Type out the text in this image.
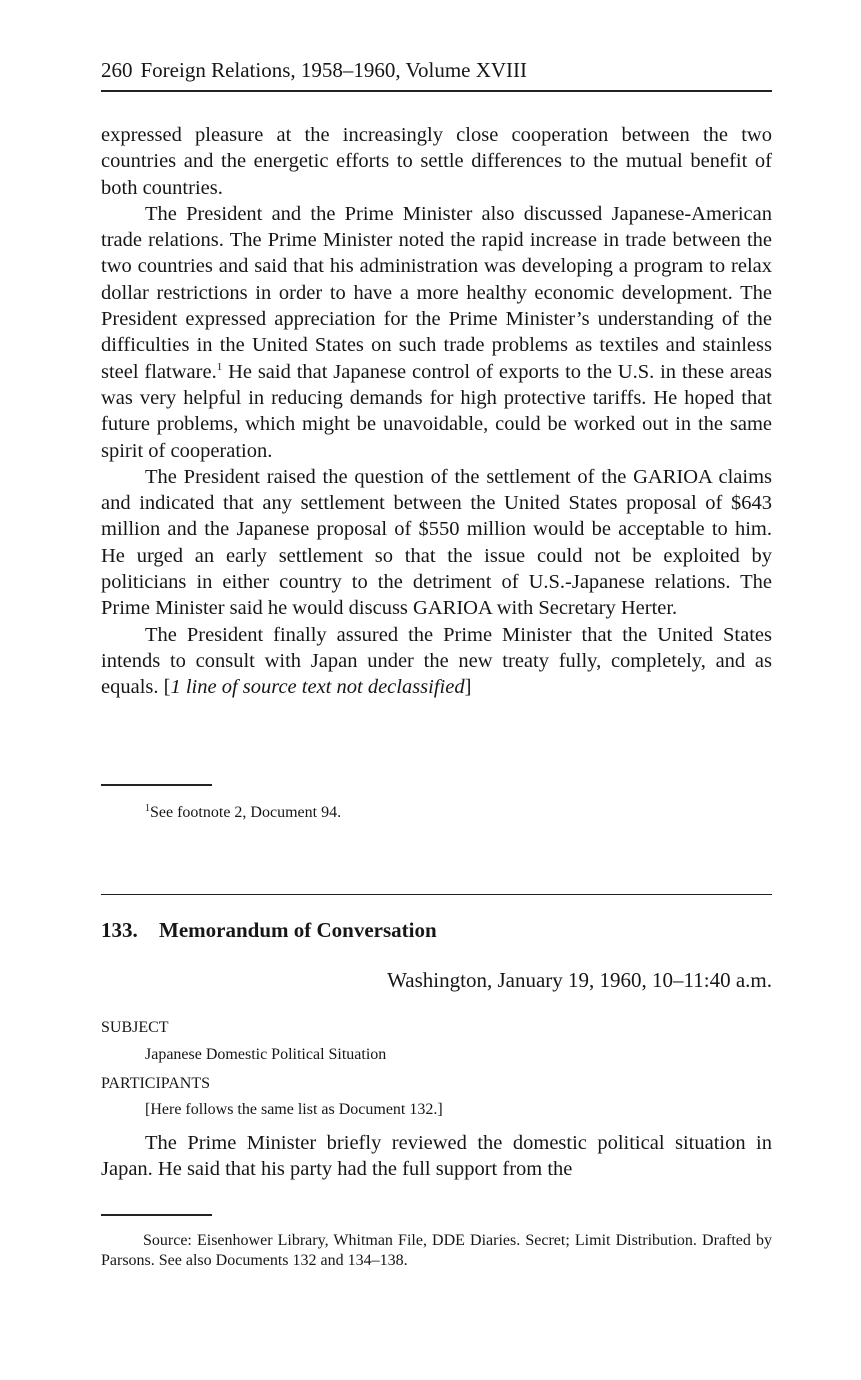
260 Foreign Relations, 1958–1960, Volume XVIII

expressed pleasure at the increasingly close cooperation between the two countries and the energetic efforts to settle differences to the mutual benefit of both countries.

The President and the Prime Minister also discussed Japanese-American trade relations. The Prime Minister noted the rapid increase in trade between the two countries and said that his administration was developing a program to relax dollar restrictions in order to have a more healthy economic development. The President expressed appreciation for the Prime Minister’s understanding of the difficulties in the United States on such trade problems as textiles and stainless steel flatware.$^1$ He said that Japanese control of exports to the U.S. in these areas was very helpful in reducing demands for high protective tariffs. He hoped that future problems, which might be unavoidable, could be worked out in the same spirit of cooperation.

The President raised the question of the settlement of the GARIOA claims and indicated that any settlement between the United States proposal of $643 million and the Japanese proposal of $550 million would be acceptable to him. He urged an early settlement so that the issue could not be exploited by politicians in either country to the detriment of U.S.-Japanese relations. The Prime Minister said he would discuss GARIOA with Secretary Herter.

The President finally assured the Prime Minister that the United States intends to consult with Japan under the new treaty fully, completely, and as equals. [1 line of source text not declassified]

$^1$See footnote 2, Document 94.
133. Memorandum of Conversation
Washington, January 19, 1960, 10–11:40 a.m.
SUBJECT
Japanese Domestic Political Situation
PARTICIPANTS
[Here follows the same list as Document 132.]

The Prime Minister briefly reviewed the domestic political situation in Japan. He said that his party had the full support from the

Source: Eisenhower Library, Whitman File, DDE Diaries. Secret; Limit Distribution. Drafted by Parsons. See also Documents 132 and 134–138.
